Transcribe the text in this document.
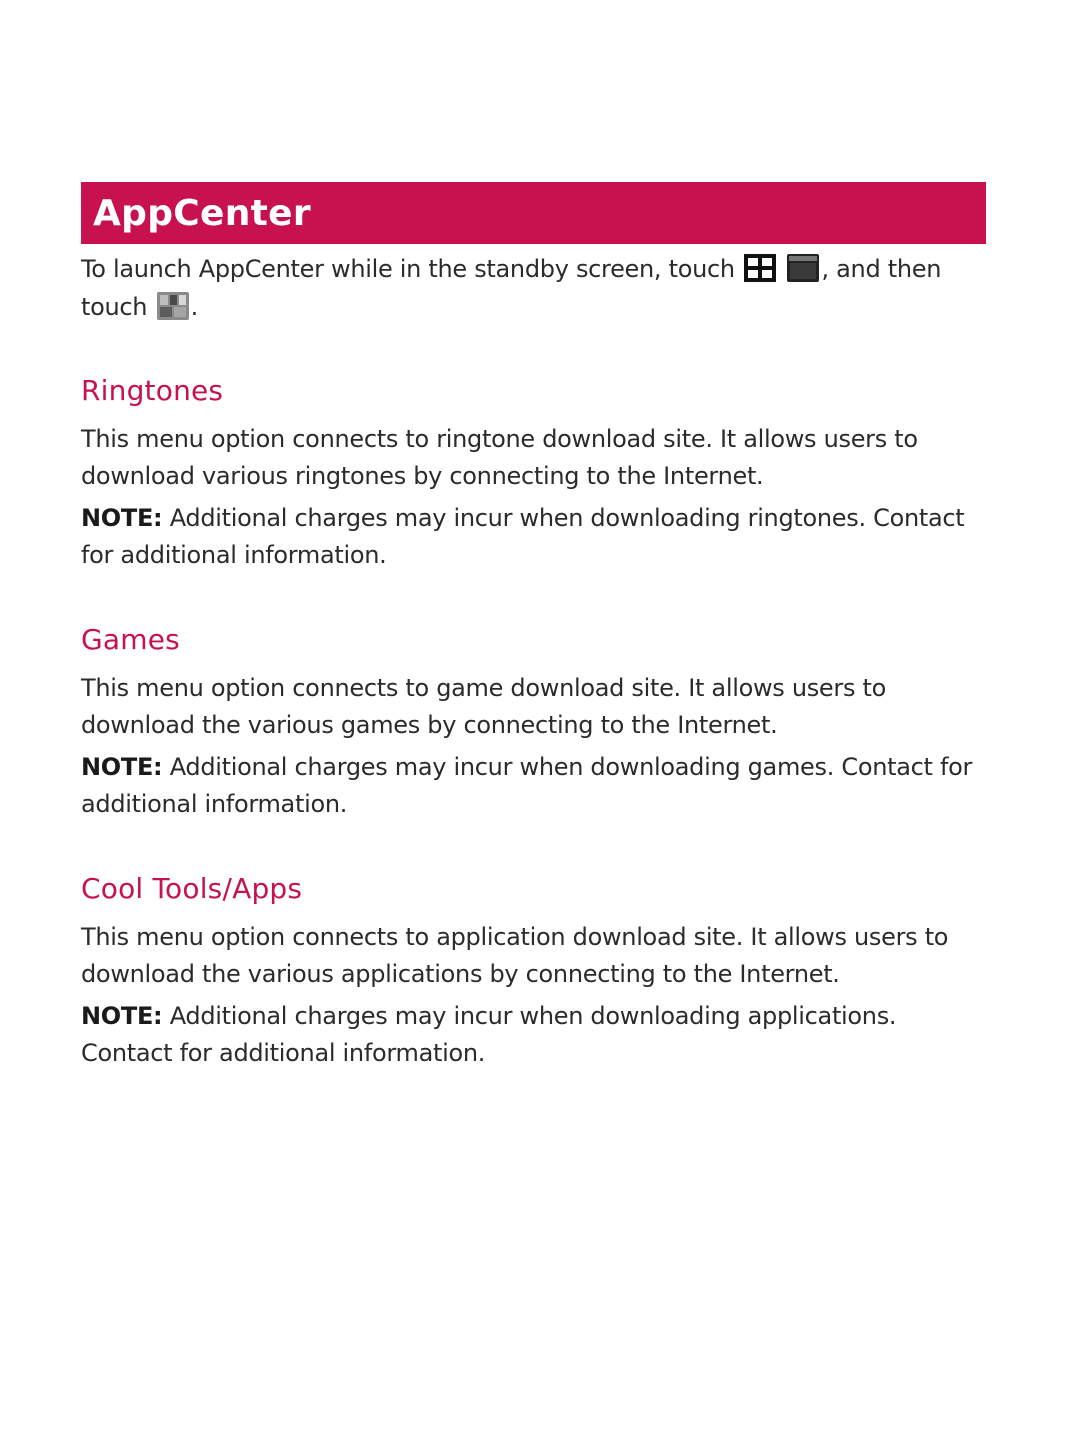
AppCenter

To launch AppCenter while in the standby screen, touch
	, and then touch .

Ringtones

This menu option connects to ringtone download site. It allows users to download various ringtones by connecting to the Internet.

NOTE: Additional charges may incur when downloading ringtones. Contact for additional information.

Games

This menu option connects to game download site. It allows users to download the various games by connecting to the Internet.

NOTE: Additional charges may incur when downloading games. Contact for additional information.

Cool Tools/Apps

This menu option connects to application download site. It allows users to download the various applications by connecting to the Internet.

NOTE: Additional charges may incur when downloading applications. Contact for additional information.
